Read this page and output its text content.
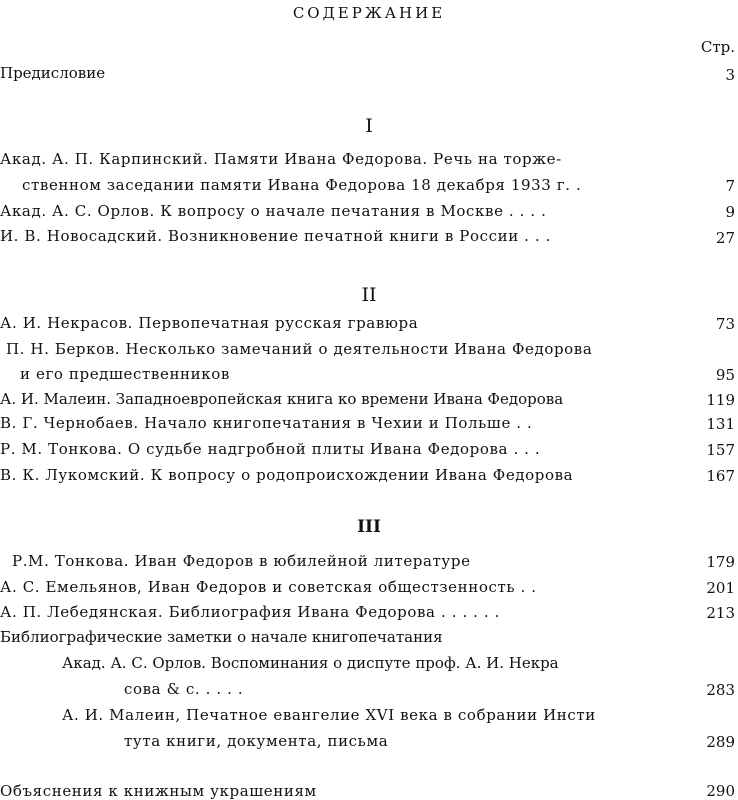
СОДЕРЖАНИЕ
Стр.
Предисловие	3
I
Акад. А. П. Карпинский. Памяти Ивана Федорова. Речь на торже-
ственном заседании памяти Ивана Федорова 18 декабря 1933 г. .	7
Акад. А. С. Орлов. К вопросу о начале печатания в Москве . . . .	9
И. В. Новосадский. Возникновение печатной книги в России . . .	27
II
А. И. Некрасов. Первопечатная русская гравюра	73
П. Н. Берков. Несколько замечаний о деятельности Ивана Федорова
и его предшественников	95
А. И. Малеин. Западноевропейская книга ко времени Ивана Федорова	119
В. Г. Чернобаев. Начало книгопечатания в Чехии и Польше . .	131
Р. М. Тонкова. О судьбе надгробной плиты Ивана Федорова . . .	157
В. К. Лукомский. К вопросу о родопроисхождении Ивана Федорова	167
III
Р.М. Тонкова. Иван Федоров в юбилейной литературе	179
А. С. Емельянов, Иван Федоров и советская общестзенность . .	201
А. П. Лебедянская. Библиография Ивана Федорова . . . . . .	213
Библиографические заметки о начале книгопечатания
Акад. А. С. Орлов. Воспоминания о диспуте проф. А. И. Некра
сова & с. . . . .	283
А. И. Малеин, Печатное евангелие XVI века в собрании Инсти
тута книги, документа, письма	289
Объяснения к книжным украшениям	290
